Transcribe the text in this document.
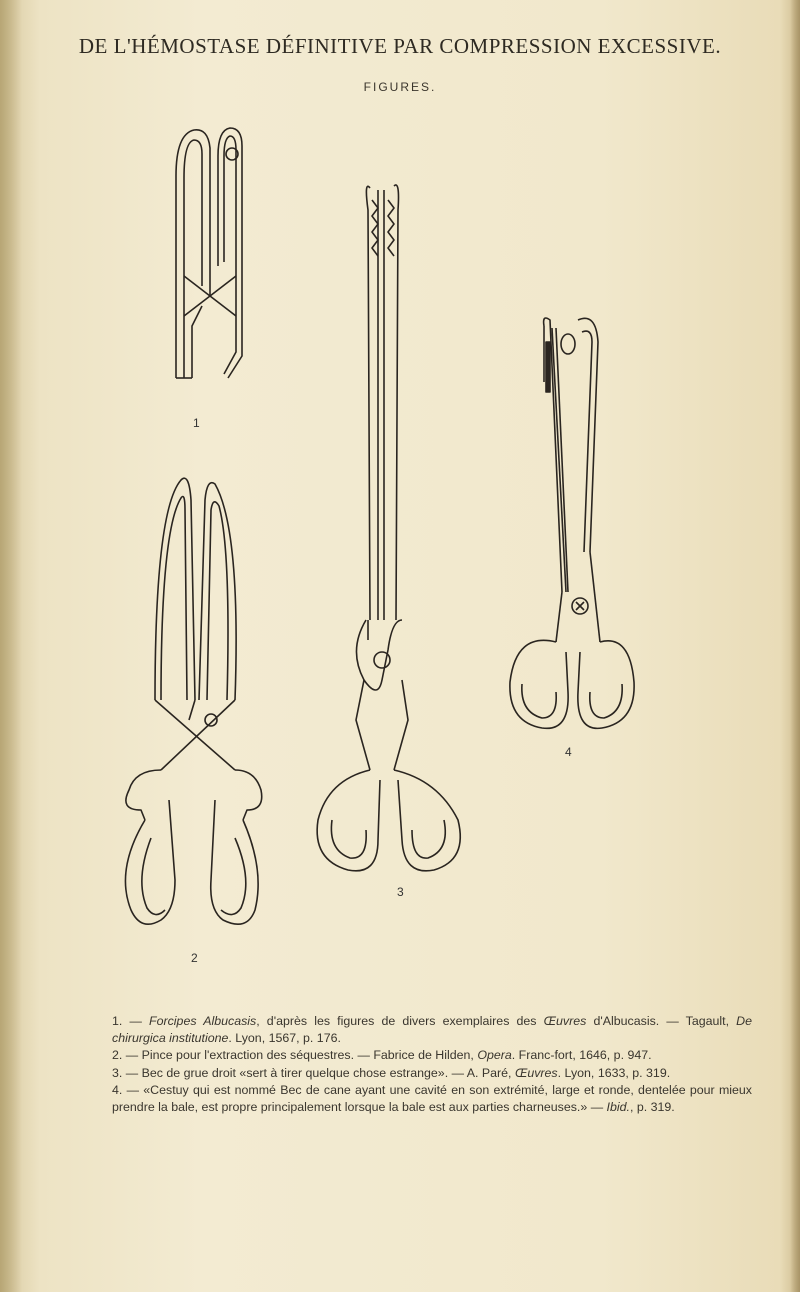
DE L'HÉMOSTASE DÉFINITIVE PAR COMPRESSION EXCESSIVE.
FIGURES.
1
2
3
4

1. — Forcipes Albucasis, d'après les figures de divers exemplaires des Œuvres d'Albucasis. — Tagault, De chirurgica institutione. Lyon, 1567, p. 176.

2. — Pince pour l'extraction des séquestres. — Fabrice de Hilden, Opera. Franc-fort, 1646, p. 947.

3. — Bec de grue droit «sert à tirer quelque chose estrange». — A. Paré, Œuvres. Lyon, 1633, p. 319.

4. — «Cestuy qui est nommé Bec de cane ayant une cavité en son extrémité, large et ronde, dentelée pour mieux prendre la bale, est propre principalement lorsque la bale est aux parties charneuses.» — Ibid., p. 319.
